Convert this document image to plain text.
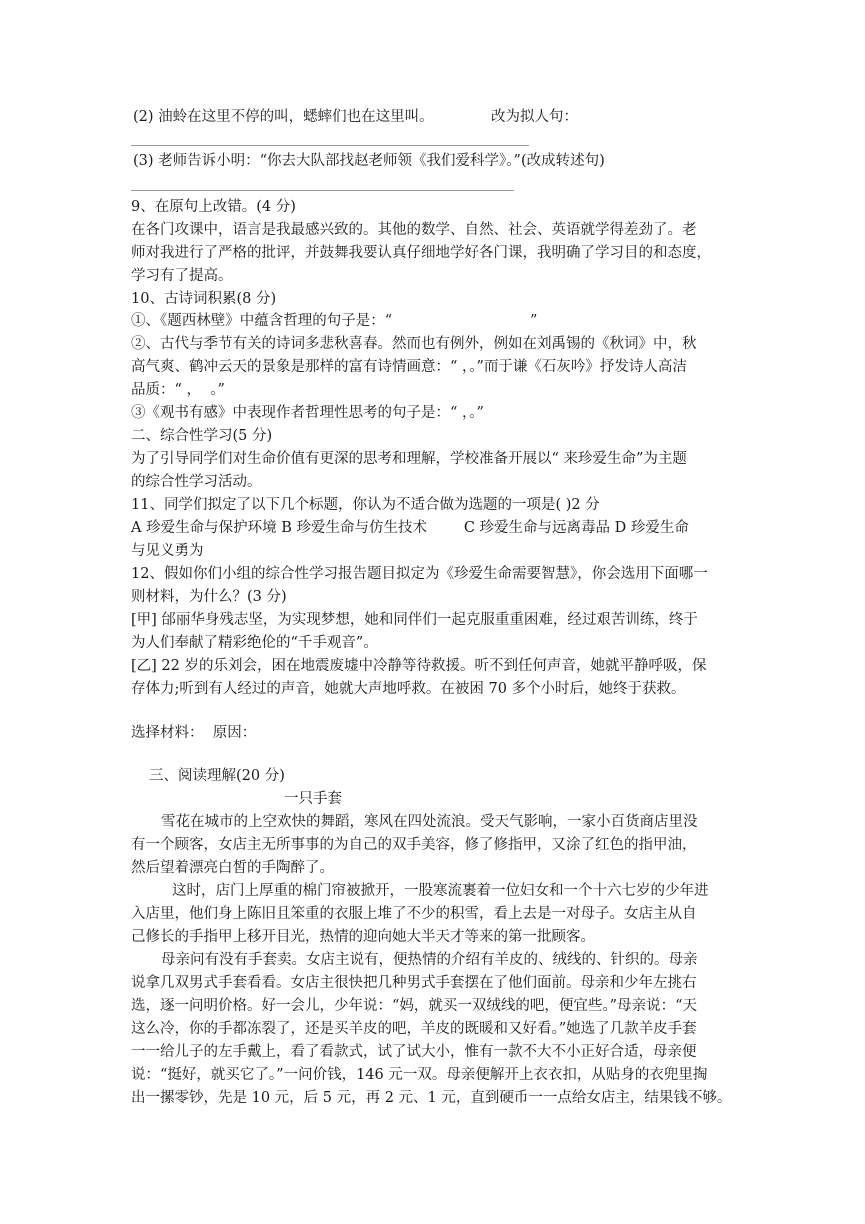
(2) 油蛉在这里不停的叫，蟋蟀们也在这里叫。	改为拟人句：
(3) 老师告诉小明：“你去大队部找赵老师领《我们爱科学》。”(改成转述句)
9、在原句上改错。(4 分)
在各门攻课中，语言是我最感兴致的。其他的数学、自然、社会、英语就学得差劲了。老
师对我进行了严格的批评，并鼓舞我要认真仔细地学好各门课，我明确了学习目的和态度，
学习有了提高。
10、古诗词积累(8 分)
①、《题西林壁》中蕴含哲理的句子是：“	”
②、古代与季节有关的诗词多悲秋喜春。然而也有例外，例如在刘禹锡的《秋词》中，秋
高气爽、鹤冲云天的景象是那样的富有诗情画意：“ ，。”而于谦《石灰吟》抒发诗人高洁
品质：“ ，  。”
③《观书有感》中表现作者哲理性思考的句子是：“ ，。”
二、综合性学习(5 分)
为了引导同学们对生命价值有更深的思考和理解，学校准备开展以“ 来珍爱生命”为主题
的综合性学习活动。
11、同学们拟定了以下几个标题，你认为不适合做为选题的一项是( )2 分
A 珍爱生命与保护环境 B 珍爱生命与仿生技术        C 珍爱生命与远离毒品 D 珍爱生命
与见义勇为
12、假如你们小组的综合性学习报告题目拟定为《珍爱生命需要智慧》，你会选用下面哪一
则材料，为什么？(3 分)
[甲] 邰丽华身残志坚，为实现梦想，她和同伴们一起克服重重困难，经过艰苦训练，终于
为人们奉献了精彩绝伦的“千手观音”。
[乙] 22 岁的乐刘会，困在地震废墟中冷静等待救援。听不到任何声音，她就平静呼吸，保
存体力;听到有人经过的声音，她就大声地呼救。在被困 70 多个小时后，她终于获救。
选择材料：  原因：
三、阅读理解(20 分)
一只手套
雪花在城市的上空欢快的舞蹈，寒风在四处流浪。受天气影响，一家小百货商店里没
有一个顾客，女店主无所事事的为自己的双手美容，修了修指甲，又涂了红色的指甲油，
然后望着漂亮白皙的手陶醉了。
这时，店门上厚重的棉门帘被掀开，一股寒流裹着一位妇女和一个十六七岁的少年进
入店里，他们身上陈旧且笨重的衣服上堆了不少的积雪，看上去是一对母子。女店主从自
己修长的手指甲上移开目光，热情的迎向她大半天才等来的第一批顾客。
母亲问有没有手套卖。女店主说有，便热情的介绍有羊皮的、绒线的、针织的。母亲
说拿几双男式手套看看。女店主很快把几种男式手套摆在了他们面前。母亲和少年左挑右
选，逐一问明价格。好一会儿，少年说：“妈，就买一双绒线的吧，便宜些。”母亲说：“天
这么冷，你的手都冻裂了，还是买羊皮的吧，羊皮的既暖和又好看。”她选了几款羊皮手套
一一给儿子的左手戴上，看了看款式，试了试大小，惟有一款不大不小正好合适，母亲便
说：“挺好，就买它了。”一问价钱，146 元一双。母亲便解开上衣衣扣，从贴身的衣兜里掏
出一摞零钞，先是 10 元，后 5 元，再 2 元、1 元，直到硬币一一点给女店主，结果钱不够。
